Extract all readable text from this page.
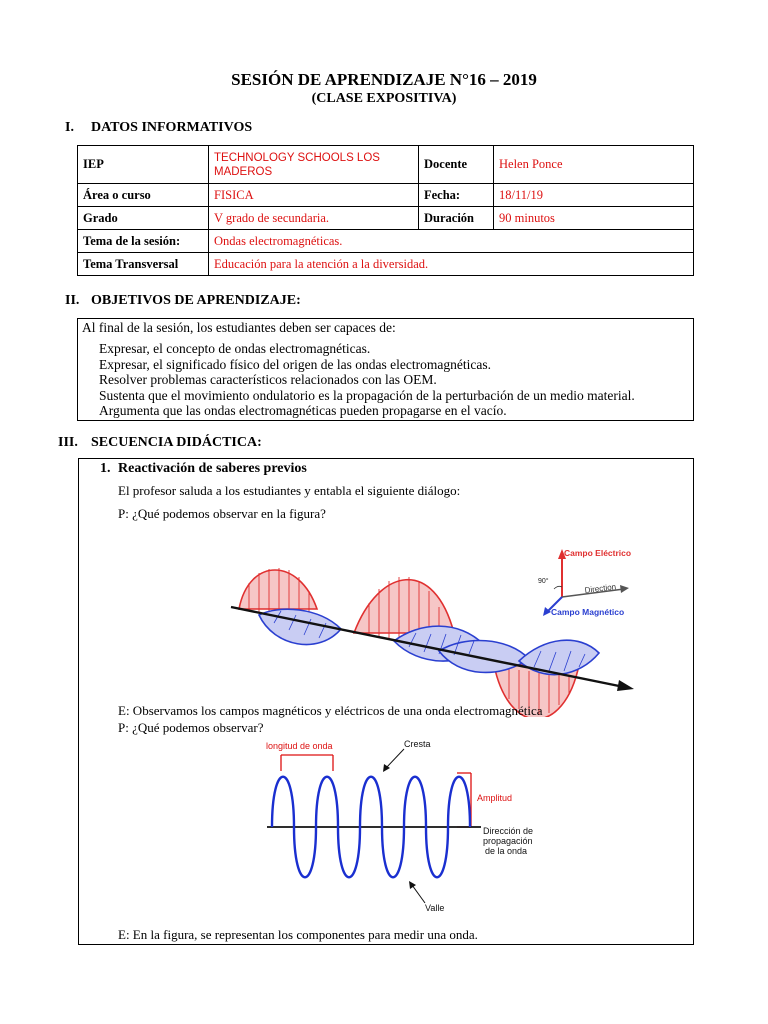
SESIÓN DE APRENDIZAJE N°16 – 2019
(CLASE EXPOSITIVA)
I. DATOS INFORMATIVOS
IEP	TECHNOLOGY SCHOOLS LOS MADEROS	Docente	Helen Ponce
Área o curso	FISICA	Fecha:	18/11/19
Grado	V grado de secundaria.	Duración	90 minutos
Tema de la sesión:	Ondas electromagnéticas.		
Tema Transversal	Educación para la atención a la diversidad.		
II. OBJETIVOS DE APRENDIZAJE:
Al final de la sesión, los estudiantes deben ser capaces de:
Expresar, el concepto de ondas electromagnéticas.
Expresar, el significado físico del origen de las ondas electromagnéticas.
Resolver problemas característicos relacionados con las OEM.
Sustenta que el movimiento ondulatorio es la propagación de la perturbación de un medio material.
Argumenta que las ondas electromagnéticas pueden propagarse en el vacío.
III. SECUENCIA DIDÁCTICA:
1. Reactivación de saberes previos
El profesor saluda a los estudiantes y entabla el siguiente diálogo:
P: ¿Qué podemos observar en la figura?
Campo Eléctrico
90°
Direction
Campo Magnético
E: Observamos los campos magnéticos y eléctricos de una onda electromagnética
P: ¿Qué podemos observar?
longitud de onda	Cresta
Amplitud
Dirección de
propagación
de la onda
Valle
E: En la figura, se representan los componentes para medir una onda.
